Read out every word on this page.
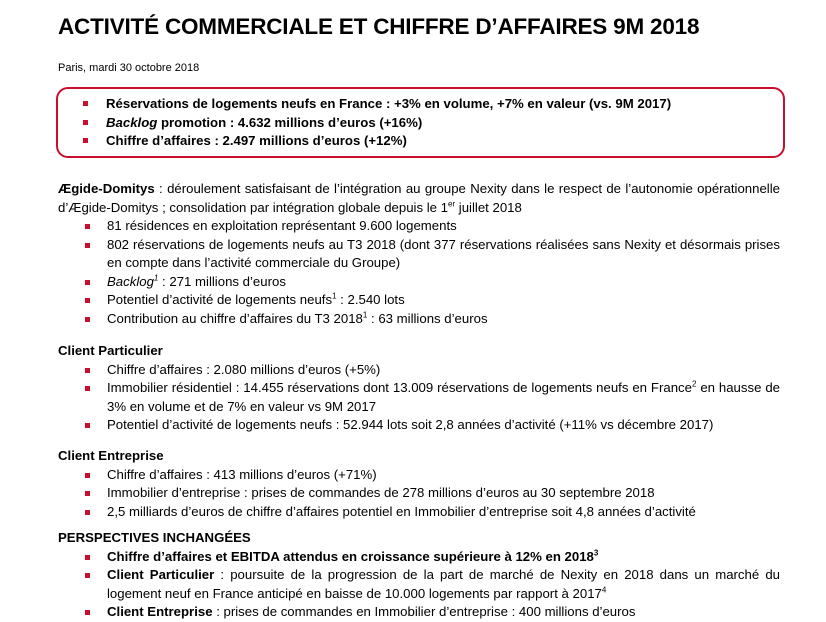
ACTIVITÉ COMMERCIALE ET CHIFFRE D’AFFAIRES 9M 2018
Paris, mardi 30 octobre 2018
Réservations de logements neufs en France : +3% en volume, +7% en valeur (vs. 9M 2017)
Backlog promotion : 4.632 millions d’euros (+16%)
Chiffre d’affaires : 2.497 millions d’euros (+12%)
Ægide-Domitys : déroulement satisfaisant de l’intégration au groupe Nexity dans le respect de l’autonomie opérationnelle d’Ægide-Domitys ; consolidation par intégration globale depuis le 1er juillet 2018
81 résidences en exploitation représentant 9.600 logements
802 réservations de logements neufs au T3 2018 (dont 377 réservations réalisées sans Nexity et désormais prises en compte dans l’activité commerciale du Groupe)
Backlog$^1$ : 271 millions d’euros
Potentiel d’activité de logements neufs$^1$ : 2.540 lots
Contribution au chiffre d’affaires du T3 2018$^1$ : 63 millions d’euros
Client Particulier
Chiffre d’affaires : 2.080 millions d’euros (+5%)
Immobilier résidentiel : 14.455 réservations dont 13.009 réservations de logements neufs en France$^2$ en hausse de 3% en volume et de 7% en valeur vs 9M 2017
Potentiel d’activité de logements neufs : 52.944 lots soit 2,8 années d’activité (+11% vs décembre 2017)
Client Entreprise
Chiffre d’affaires : 413 millions d’euros (+71%)
Immobilier d’entreprise : prises de commandes de 278 millions d’euros au 30 septembre 2018
2,5 milliards d’euros de chiffre d’affaires potentiel en Immobilier d’entreprise soit 4,8 années d’activité
PERSPECTIVES INCHANGÉES
Chiffre d’affaires et EBITDA attendus en croissance supérieure à 12% en 2018$^3$
Client Particulier : poursuite de la progression de la part de marché de Nexity en 2018 dans un marché du logement neuf en France anticipé en baisse de 10.000 logements par rapport à 2017$^4$
Client Entreprise : prises de commandes en Immobilier d’entreprise : 400 millions d’euros
